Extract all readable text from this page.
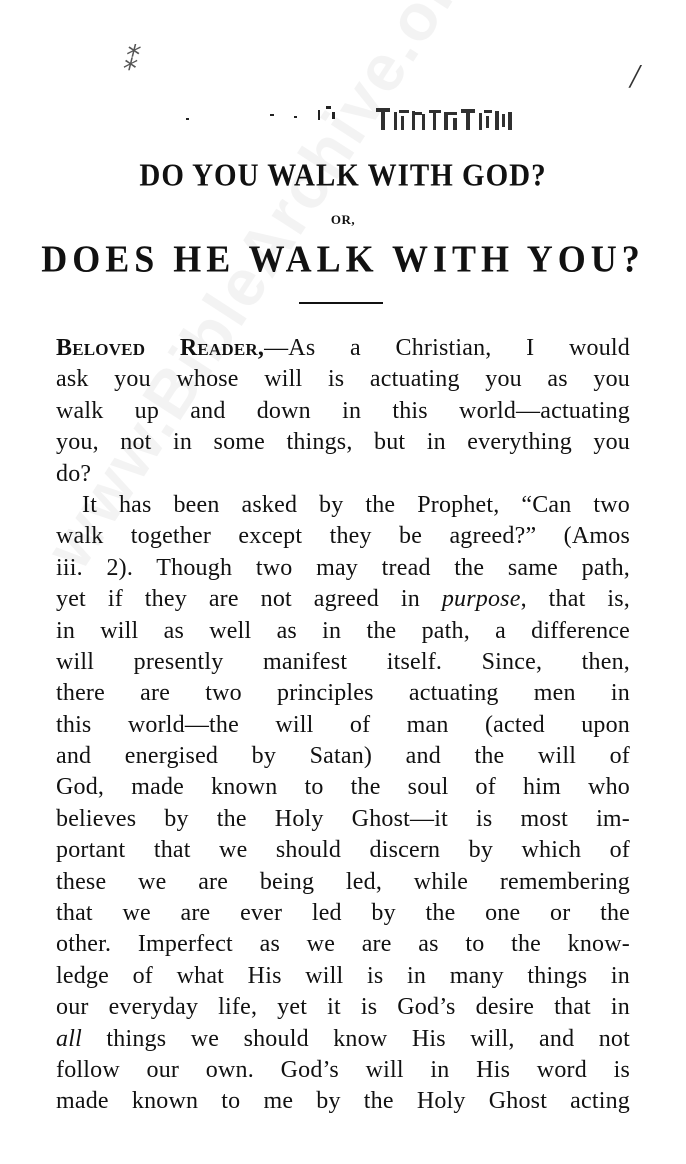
⁑	/
T
DO YOU WALK WITH GOD?
OR,
DOES HE WALK WITH YOU?
Beloved Reader,—As a Christian, I would
ask you whose will is actuating you as you
walk up and down in this world—actuating
you, not in some things, but in everything you
do?
It has been asked by the Prophet, “Can two
walk together except they be agreed?” (Amos
iii. 2). Though two may tread the same path,
yet if they are not agreed in purpose, that is,
in will as well as in the path, a difference
will presently manifest itself. Since, then,
there are two principles actuating men in
this world—the will of man (acted upon
and energised by Satan) and the will of
God, made known to the soul of him who
believes by the Holy Ghost—it is most im-
portant that we should discern by which of
these we are being led, while remembering
that we are ever led by the one or the
other. Imperfect as we are as to the know-
ledge of what His will is in many things in
our everyday life, yet it is God’s desire that in
all things we should know His will, and not
follow our own. God’s will in His word is
made known to me by the Holy Ghost acting
